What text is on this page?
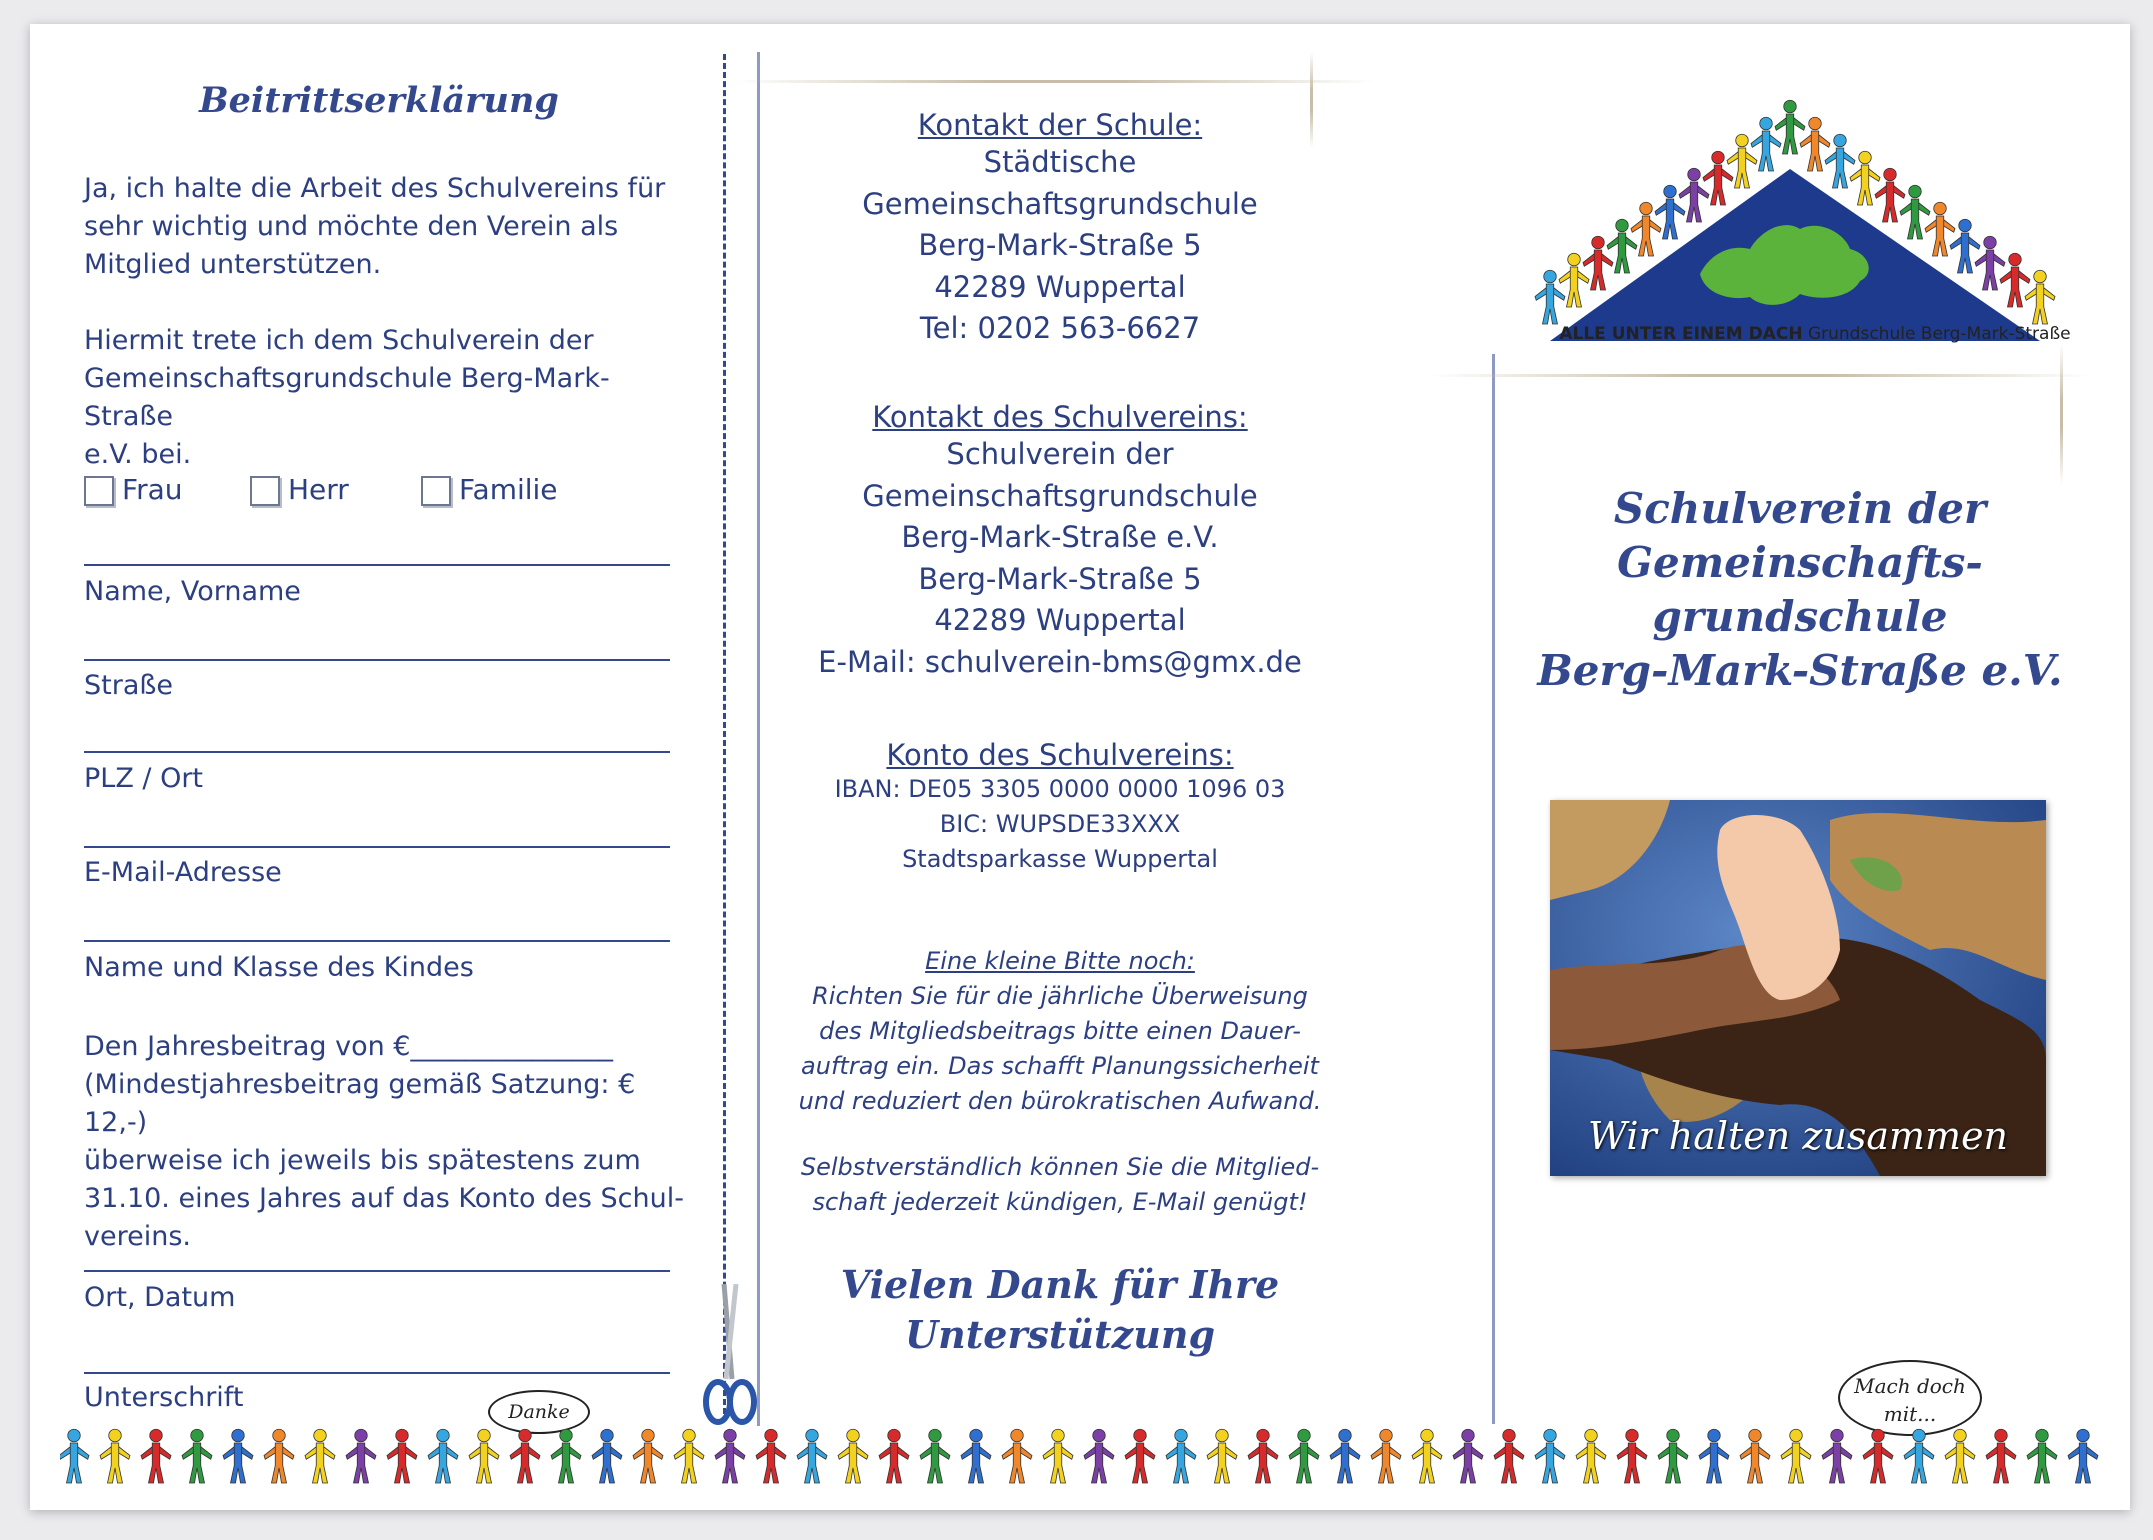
Beitrittserklärung
Ja, ich halte die Arbeit des Schulvereins für
sehr wichtig und möchte den Verein als
Mitglied unterstützen.
Hiermit trete ich dem Schulverein der
Gemeinschaftsgrundschule Berg-Mark-Straße
e.V. bei.
Frau	Herr	Familie
Name, Vorname
Straße
PLZ / Ort
E-Mail-Adresse
Name und Klasse des Kindes
Den Jahresbeitrag von €_______________
(Mindestjahresbeitrag gemäß Satzung: € 12,-)
überweise ich jeweils bis spätestens zum
31.10. eines Jahres auf das Konto des Schul-
vereins.
Ort, Datum
Unterschrift
Kontakt der Schule:
Städtische
Gemeinschaftsgrundschule
Berg-Mark-Straße 5
42289 Wuppertal
Tel: 0202 563-6627
Kontakt des Schulvereins:
Schulverein der
Gemeinschaftsgrundschule
Berg-Mark-Straße e.V.
Berg-Mark-Straße 5
42289 Wuppertal
E-Mail: schulverein-bms@gmx.de
Konto des Schulvereins:
IBAN: DE05 3305 0000 0000 1096 03
BIC: WUPSDE33XXX
Stadtsparkasse Wuppertal
Eine kleine Bitte noch:
Richten Sie für die jährliche Überweisung
des Mitgliedsbeitrags bitte einen Dauer-
auftrag ein. Das schafft Planungssicherheit
und reduziert den bürokratischen Aufwand.
Selbstverständlich können Sie die Mitglied-
schaft jederzeit kündigen, E-Mail genügt!
Vielen Dank für Ihre
Unterstützung
ALLE UNTER EINEM DACH Grundschule Berg-Mark-Straße
Schulverein der
Gemeinschafts-
grundschule
Berg-Mark-Straße e.V.
Wir halten zusammen
Mach doch
mit...
Danke
